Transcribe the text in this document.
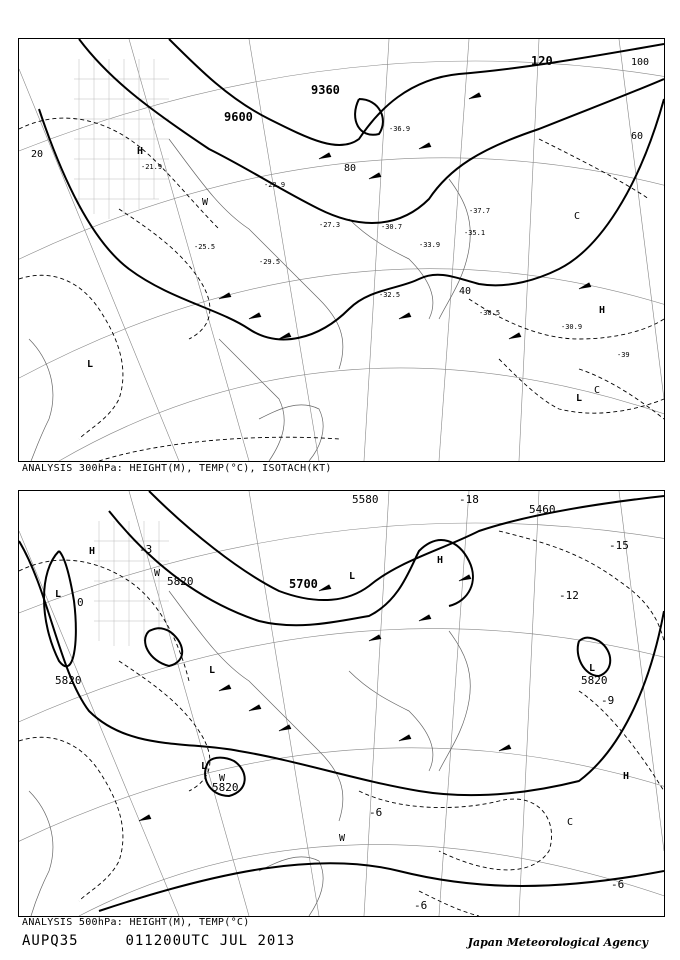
9600
9360
20
40
60
80
120	100
-21.9
-23.9
-25.5
-27.3
-29.5
-30.7
-32.5
-33.9
-35.1
-37.7
-30.5
-30.9
-36.9
-39
H
L
W
C
H
L
C
ANALYSIS 300hPa: HEIGHT(M), TEMP(°C), ISOTACH(KT)
5580
5460
5700
5820
5820
5820
5820
-18
-15
-12
-9
-6
-3
0
-6
-6
H
L
W	L
H
L
W
L
W
C
H
L
ANALYSIS 500hPa: HEIGHT(M), TEMP(°C)
AUPQ35	011200UTC JUL 2013	Japan Meteorological Agency
